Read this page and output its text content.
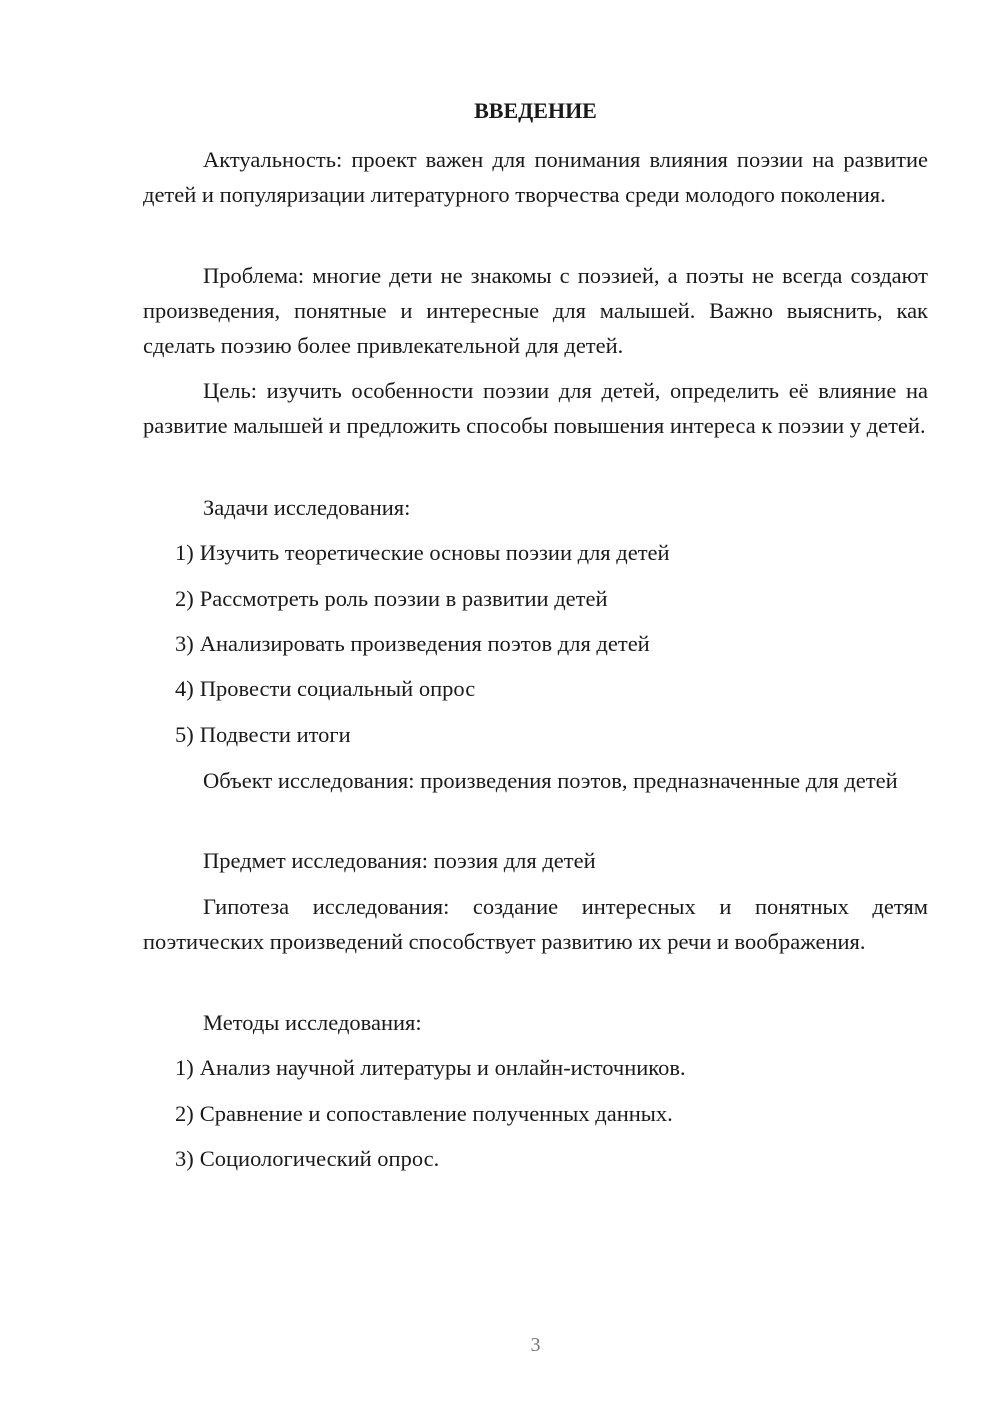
ВВЕДЕНИЕ

Актуальность: проект важен для понимания влияния поэзии на развитие детей и популяризации литературного творчества среди молодого поколения.

Проблема: многие дети не знакомы с поэзией, а поэты не всегда создают произведения, понятные и интересные для малышей. Важно выяснить, как сделать поэзию более привлекательной для детей.

Цель: изучить особенности поэзии для детей, определить её влияние на развитие малышей и предложить способы повышения интереса к поэзии у детей.

Задачи исследования:

1) Изучить теоретические основы поэзии для детей
2) Рассмотреть роль поэзии в развитии детей
3) Анализировать произведения поэтов для детей
4) Провести социальный опрос
5) Подвести итоги

Объект исследования: произведения поэтов, предназначенные для детей

Предмет исследования: поэзия для детей

Гипотеза исследования: создание интересных и понятных детям поэтических произведений способствует развитию их речи и воображения.

Методы исследования:

1) Анализ научной литературы и онлайн-источников.
2) Сравнение и сопоставление полученных данных.
3) Социологический опрос.

3
